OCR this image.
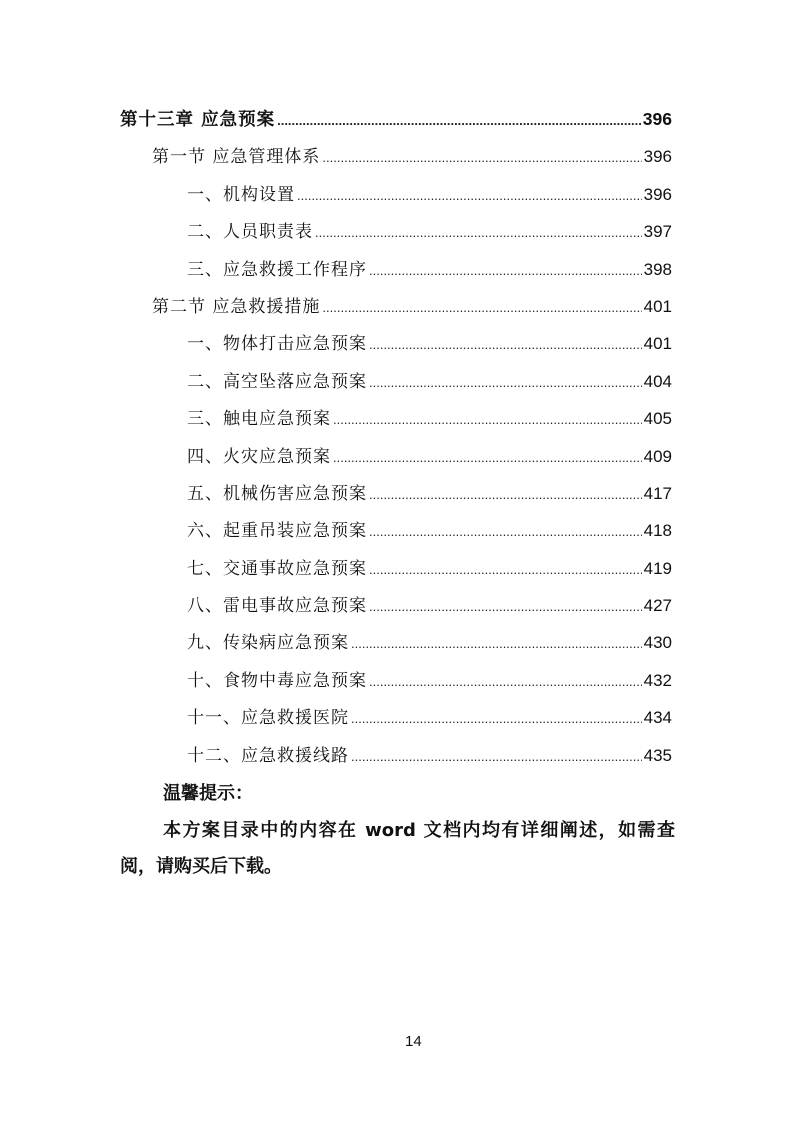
第十三章 应急预案 .....	396
第一节 应急管理体系 .....	396
一、机构设置 .....	396
二、人员职责表 .....	397
三、应急救援工作程序 .....	398
第二节 应急救援措施 .....	401
一、物体打击应急预案 .....	401
二、高空坠落应急预案 .....	404
三、触电应急预案 .....	405
四、火灾应急预案 .....	409
五、机械伤害应急预案 .....	417
六、起重吊装应急预案 .....	418
七、交通事故应急预案 .....	419
八、雷电事故应急预案 .....	427
九、传染病应急预案 .....	430
十、食物中毒应急预案 .....	432
十一、应急救援医院 .....	434
十二、应急救援线路 .....	435

温馨提示：

本方案目录中的内容在 word 文档内均有详细阐述，如需查阅，请购买后下载。

14
